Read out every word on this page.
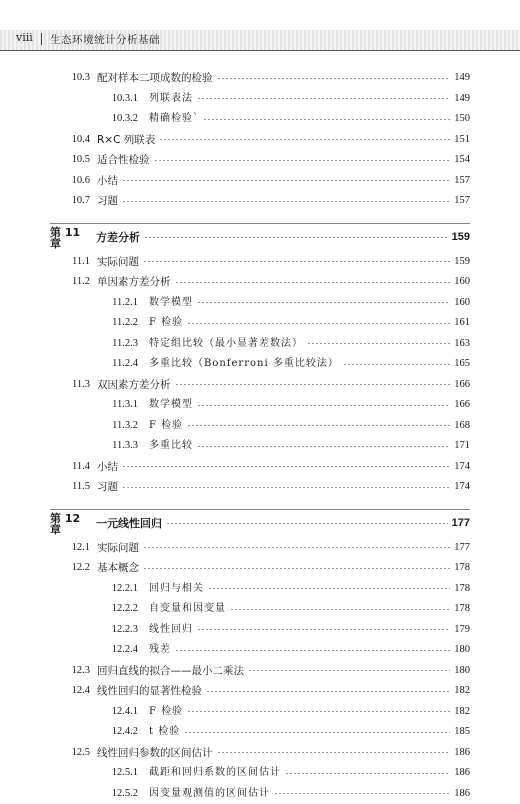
viii 生态环境统计分析基础
10.3 配对样本二项成数的检验	149
10.3.1 列联表法	149
10.3.2 精确检验`	150
10.4 R×C 列联表	151
10.5 适合性检验	154
10.6 小结	157
10.7 习题	157
第 11 章	方差分析	159
11.1 实际问题	159
11.2 单因素方差分析	160
11.2.1 数学模型	160
11.2.2 F 检验	161
11.2.3 特定组比较（最小显著差数法）	163
11.2.4 多重比较（Bonferroni 多重比较法）	165
11.3 双因素方差分析	166
11.3.1 数学模型	166
11.3.2 F 检验	168
11.3.3 多重比较	171
11.4 小结	174
11.5 习题	174
第 12 章	一元线性回归	177
12.1 实际问题	177
12.2 基本概念	178
12.2.1 回归与相关	178
12.2.2 自变量和因变量	178
12.2.3 线性回归	179
12.2.4 残差	180
12.3 回归直线的拟合——最小二乘法	180
12.4 线性回归的显著性检验	182
12.4.1 F 检验	182
12.4.2 t 检验	185
12.5 线性回归参数的区间估计	186
12.5.1 截距和回归系数的区间估计	186
12.5.2 因变量观测值的区间估计	186
